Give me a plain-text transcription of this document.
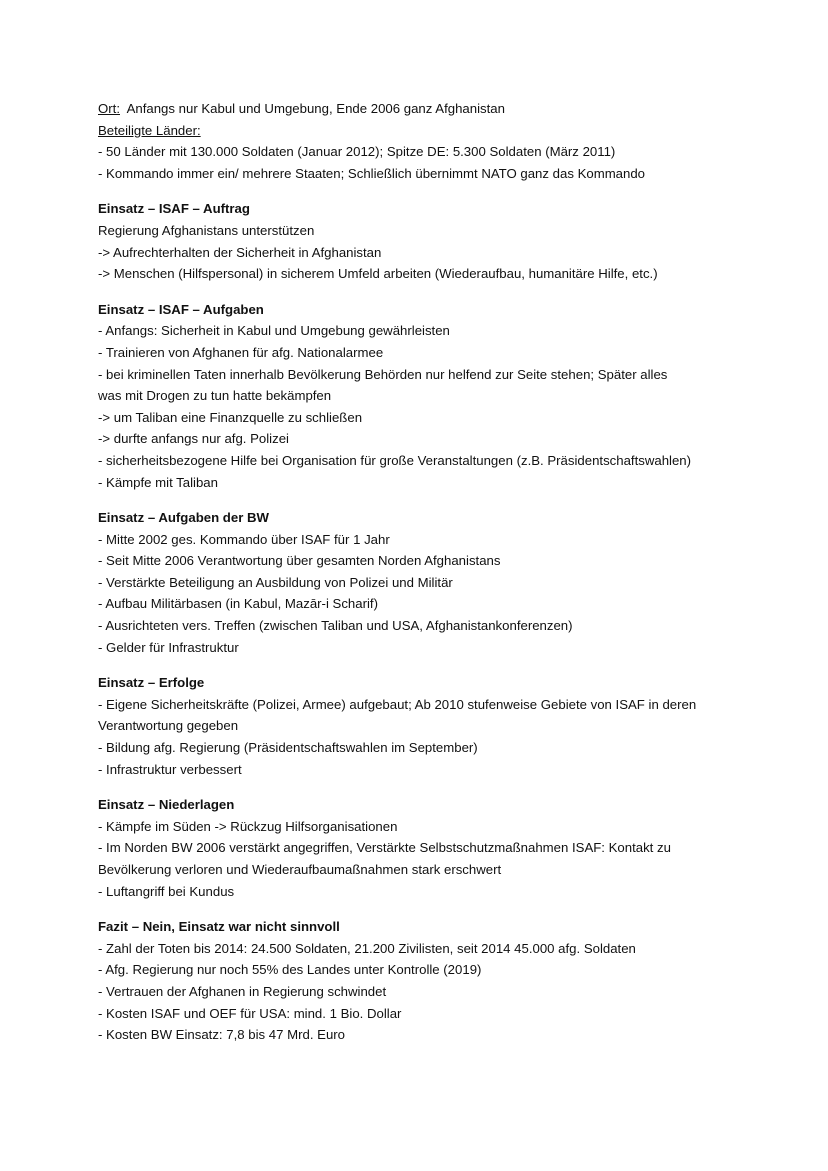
Ort: Anfangs nur Kabul und Umgebung, Ende 2006 ganz Afghanistan
Beteiligte Länder:
- 50 Länder mit 130.000 Soldaten (Januar 2012); Spitze DE: 5.300 Soldaten (März 2011)
- Kommando immer ein/ mehrere Staaten; Schließlich übernimmt NATO ganz das Kommando
Einsatz – ISAF – Auftrag
Regierung Afghanistans unterstützen
-> Aufrechterhalten der Sicherheit in Afghanistan
-> Menschen (Hilfspersonal) in sicherem Umfeld arbeiten (Wiederaufbau, humanitäre Hilfe, etc.)
Einsatz – ISAF – Aufgaben
- Anfangs: Sicherheit in Kabul und Umgebung gewährleisten
- Trainieren von Afghanen für afg. Nationalarmee
- bei kriminellen Taten innerhalb Bevölkerung Behörden nur helfend zur Seite stehen; Später alles
was mit Drogen zu tun hatte bekämpfen
-> um Taliban eine Finanzquelle zu schließen
-> durfte anfangs nur afg. Polizei
- sicherheitsbezogene Hilfe bei Organisation für große Veranstaltungen (z.B. Präsidentschaftswahlen)
- Kämpfe mit Taliban
Einsatz – Aufgaben der BW
- Mitte 2002 ges. Kommando über ISAF für 1 Jahr
- Seit Mitte 2006 Verantwortung über gesamten Norden Afghanistans
- Verstärkte Beteiligung an Ausbildung von Polizei und Militär
- Aufbau Militärbasen (in Kabul, Mazār-i Scharif)
- Ausrichteten vers. Treffen (zwischen Taliban und USA, Afghanistankonferenzen)
- Gelder für Infrastruktur
Einsatz – Erfolge
- Eigene Sicherheitskräfte (Polizei, Armee) aufgebaut; Ab 2010 stufenweise Gebiete von ISAF in deren
Verantwortung gegeben
- Bildung afg. Regierung (Präsidentschaftswahlen im September)
- Infrastruktur verbessert
Einsatz – Niederlagen
- Kämpfe im Süden -> Rückzug Hilfsorganisationen
- Im Norden BW 2006 verstärkt angegriffen, Verstärkte Selbstschutzmaßnahmen ISAF: Kontakt zu
Bevölkerung verloren und Wiederaufbaumaßnahmen stark erschwert
- Luftangriff bei Kundus
Fazit – Nein, Einsatz war nicht sinnvoll
- Zahl der Toten bis 2014: 24.500 Soldaten, 21.200 Zivilisten, seit 2014 45.000 afg. Soldaten
- Afg. Regierung nur noch 55% des Landes unter Kontrolle (2019)
- Vertrauen der Afghanen in Regierung schwindet
- Kosten ISAF und OEF für USA: mind. 1 Bio. Dollar
- Kosten BW Einsatz: 7,8 bis 47 Mrd. Euro
